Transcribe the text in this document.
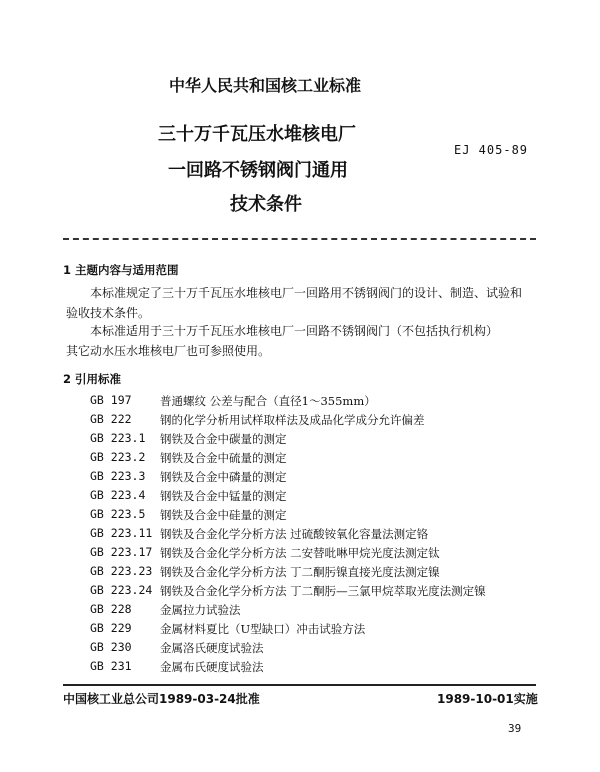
中华人民共和国核工业标准
三十万千瓦压水堆核电厂
一回路不锈钢阀门通用
技术条件
EJ 405-89
1 主题内容与适用范围
本标准规定了三十万千瓦压水堆核电厂一回路用不锈钢阀门的设计、制造、试验和
验收技术条件。
本标准适用于三十万千瓦压水堆核电厂一回路不锈钢阀门（不包括执行机构）
其它动水压水堆核电厂也可参照使用。
2 引用标准
GB 197 普通螺纹 公差与配合（直径1～355mm）
GB 222 钢的化学分析用试样取样法及成品化学成分允许偏差
GB 223.1 钢铁及合金中碳量的测定
GB 223.2 钢铁及合金中硫量的测定
GB 223.3 钢铁及合金中磷量的测定
GB 223.4 钢铁及合金中锰量的测定
GB 223.5 钢铁及合金中硅量的测定
GB 223.11 钢铁及合金化学分析方法 过硫酸铵氧化容量法测定铬
GB 223.17 钢铁及合金化学分析方法 二安替吡啉甲烷光度法测定钛
GB 223.23 钢铁及合金化学分析方法 丁二酮肟镍直接光度法测定镍
GB 223.24 钢铁及合金化学分析方法 丁二酮肟—三氯甲烷萃取光度法测定镍
GB 228 金属拉力试验法
GB 229 金属材料夏比（U型缺口）冲击试验方法
GB 230 金属洛氏硬度试验法
GB 231 金属布氏硬度试验法
中国核工业总公司1989-03-24批准	1989-10-01实施
39
